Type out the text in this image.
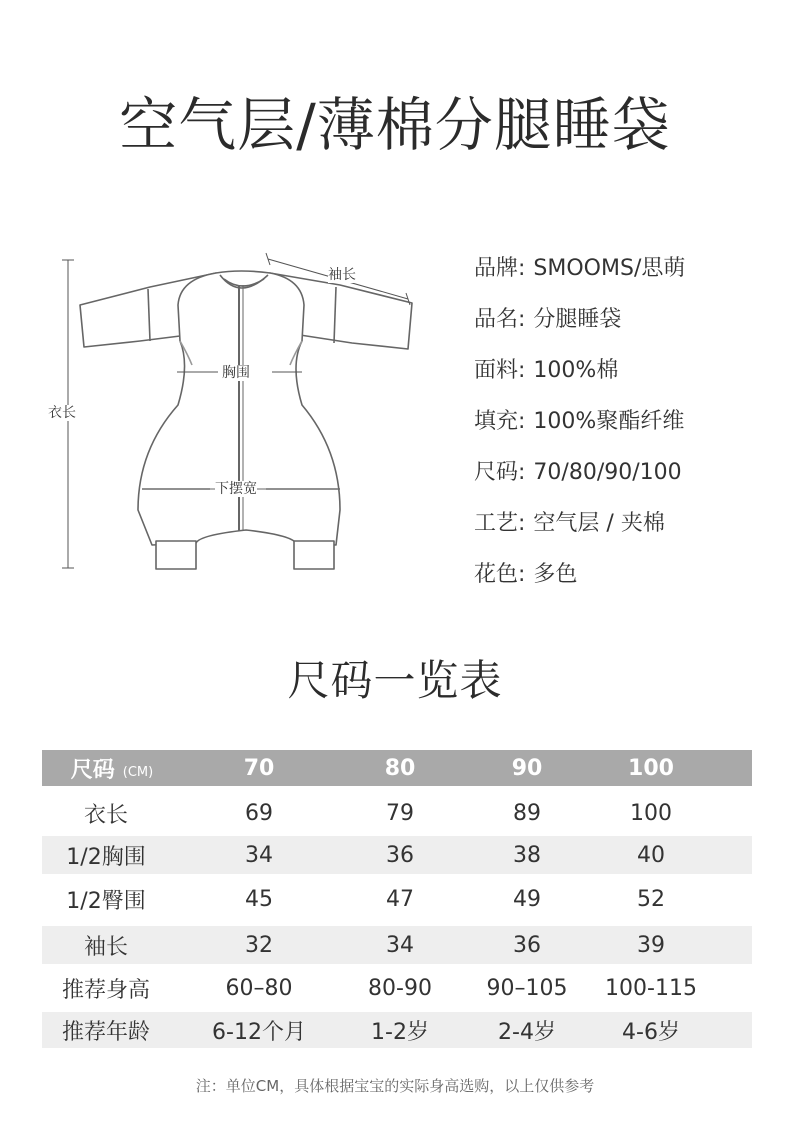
空气层/薄棉分腿睡袋
袖长
胸围
衣长
下摆宽
品牌: SMOOMS/思萌
品名: 分腿睡袋
面料: 100%棉
填充: 100%聚酯纤维
尺码: 70/80/90/100
工艺: 空气层 / 夹棉
花色: 多色
尺码一览表
尺码 (CM)	70	80	90	100
衣长	69	79	89	100
1/2胸围	34	36	38	40
1/2臀围	45	47	49	52
袖长	32	34	36	39
推荐身高	60–80	80-90	90–105	100-115
推荐年龄	6-12个月	1-2岁	2-4岁	4-6岁
注：单位CM，具体根据宝宝的实际身高选购，以上仅供参考
